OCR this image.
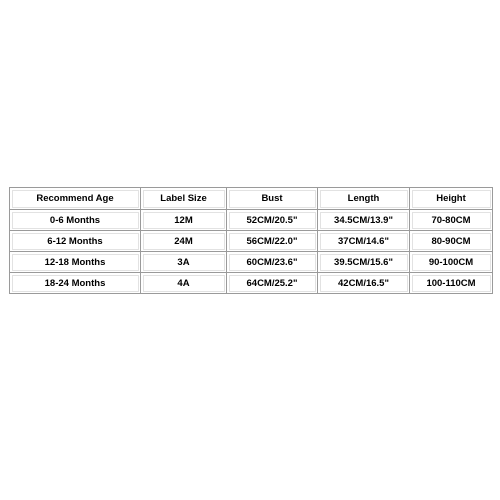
Recommend Age	Label Size	Bust	Length	Height
0-6 Months	12M	52CM/20.5"	34.5CM/13.9"	70-80CM
6-12 Months	24M	56CM/22.0"	37CM/14.6"	80-90CM
12-18 Months	3A	60CM/23.6"	39.5CM/15.6"	90-100CM
18-24 Months	4A	64CM/25.2"	42CM/16.5"	100-110CM
